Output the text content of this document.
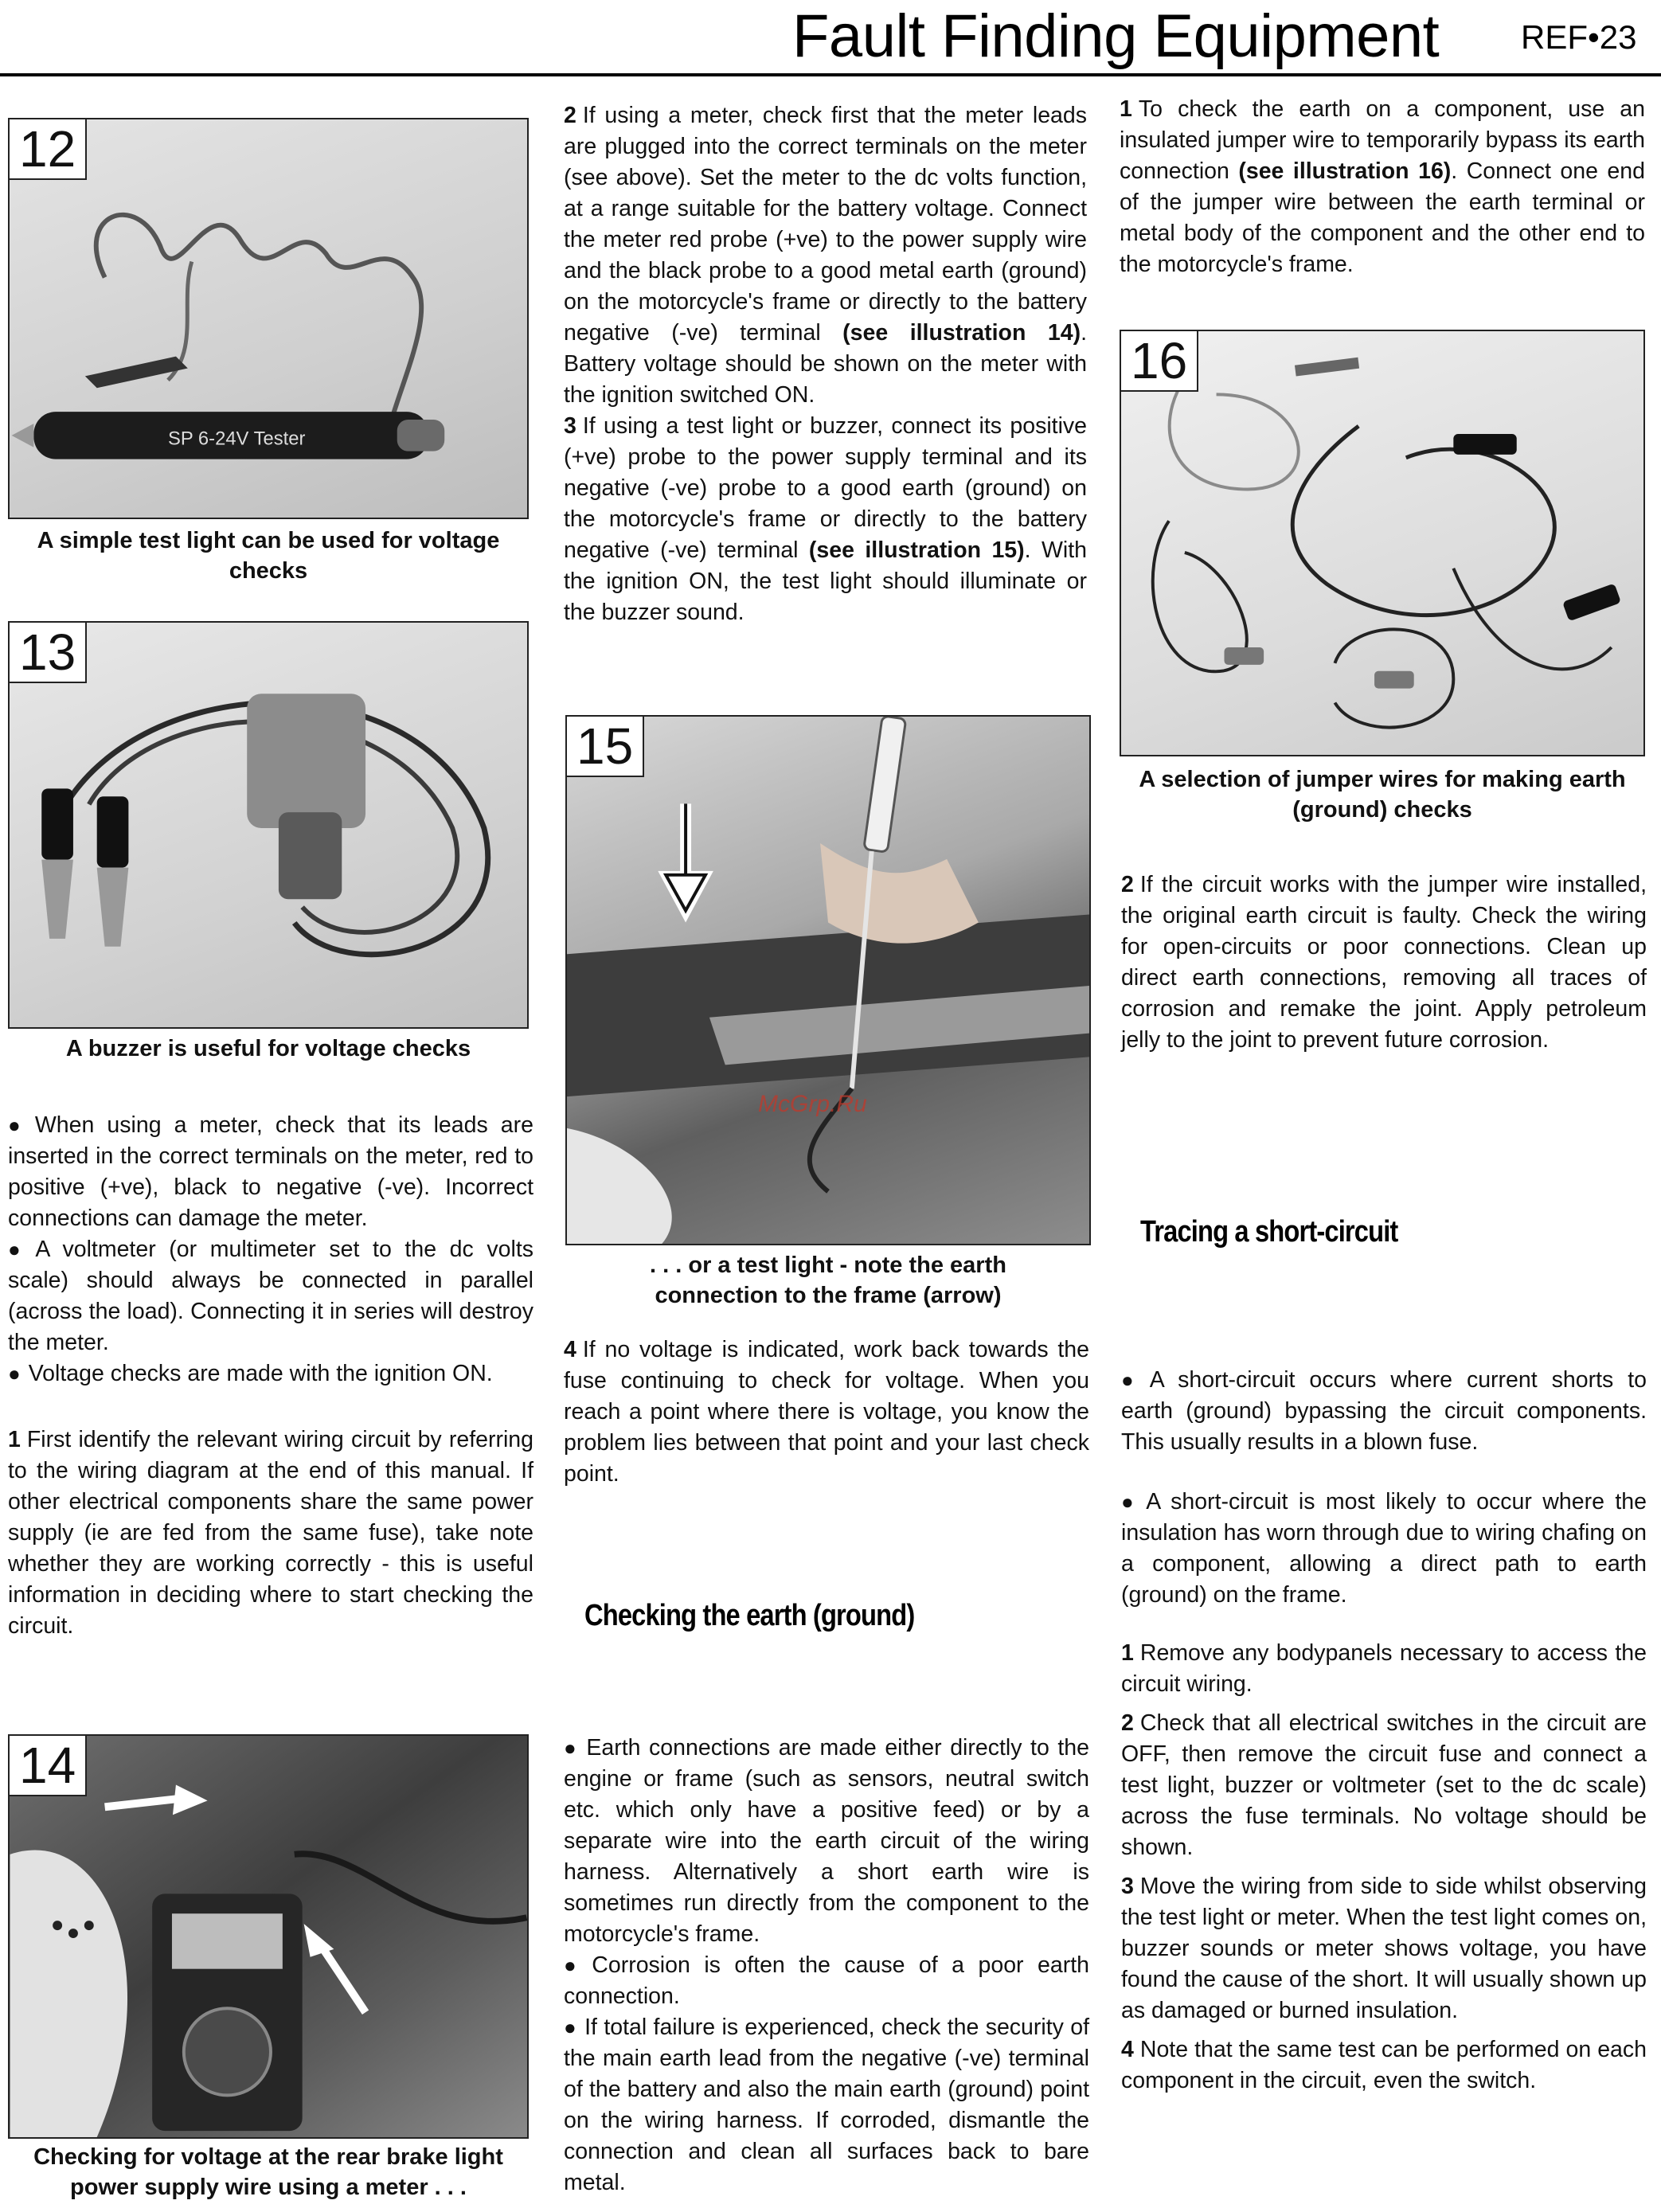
Fault Finding Equipment REF•23
SP 6-24V Tester
12
A simple test light can be used for voltage checks
13
A buzzer is useful for voltage checks

● When using a meter, check that its leads are inserted in the correct terminals on the meter, red to positive (+ve), black to negative (-ve). Incorrect connections can damage the meter.

● A voltmeter (or multimeter set to the dc volts scale) should always be connected in parallel (across the load). Connecting it in series will destroy the meter.

● Voltage checks are made with the ignition ON.

1 First identify the relevant wiring circuit by referring to the wiring diagram at the end of this manual. If other electrical components share the same power supply (ie are fed from the same fuse), take note whether they are working correctly - this is useful information in deciding where to start checking the circuit.

14
Checking for voltage at the rear brake light power supply wire using a meter . . .

2 If using a meter, check first that the meter leads are plugged into the correct terminals on the meter (see above). Set the meter to the dc volts function, at a range suitable for the battery voltage. Connect the meter red probe (+ve) to the power supply wire and the black probe to a good metal earth (ground) on the motorcycle's frame or directly to the battery negative (-ve) terminal (see illustration 14). Battery voltage should be shown on the meter with the ignition switched ON.

3 If using a test light or buzzer, connect its positive (+ve) probe to the power supply terminal and its negative (-ve) probe to a good earth (ground) on the motorcycle's frame or directly to the battery negative (-ve) terminal (see illustration 15). With the ignition ON, the test light should illuminate or the buzzer sound.

McGrp.Ru
15
. . . or a test light - note the earth connection to the frame (arrow)

4 If no voltage is indicated, work back towards the fuse continuing to check for voltage. When you reach a point where there is voltage, you know the problem lies between that point and your last check point.

Checking the earth (ground)

● Earth connections are made either directly to the engine or frame (such as sensors, neutral switch etc. which only have a positive feed) or by a separate wire into the earth circuit of the wiring harness. Alternatively a short earth wire is sometimes run directly from the component to the motorcycle's frame.

● Corrosion is often the cause of a poor earth connection.

● If total failure is experienced, check the security of the main earth lead from the negative (-ve) terminal of the battery and also the main earth (ground) point on the wiring harness. If corroded, dismantle the connection and clean all surfaces back to bare metal.

1 To check the earth on a component, use an insulated jumper wire to temporarily bypass its earth connection (see illustration 16). Connect one end of the jumper wire between the earth terminal or metal body of the component and the other end to the motorcycle's frame.

16
A selection of jumper wires for making earth (ground) checks

2 If the circuit works with the jumper wire installed, the original earth circuit is faulty. Check the wiring for open-circuits or poor connections. Clean up direct earth connections, removing all traces of corrosion and remake the joint. Apply petroleum jelly to the joint to prevent future corrosion.

Tracing a short-circuit

● A short-circuit occurs where current shorts to earth (ground) bypassing the circuit components. This usually results in a blown fuse.

● A short-circuit is most likely to occur where the insulation has worn through due to wiring chafing on a component, allowing a direct path to earth (ground) on the frame.

1 Remove any bodypanels necessary to access the circuit wiring.

2 Check that all electrical switches in the circuit are OFF, then remove the circuit fuse and connect a test light, buzzer or voltmeter (set to the dc scale) across the fuse terminals. No voltage should be shown.

3 Move the wiring from side to side whilst observing the test light or meter. When the test light comes on, buzzer sounds or meter shows voltage, you have found the cause of the short. It will usually shown up as damaged or burned insulation.

4 Note that the same test can be performed on each component in the circuit, even the switch.
